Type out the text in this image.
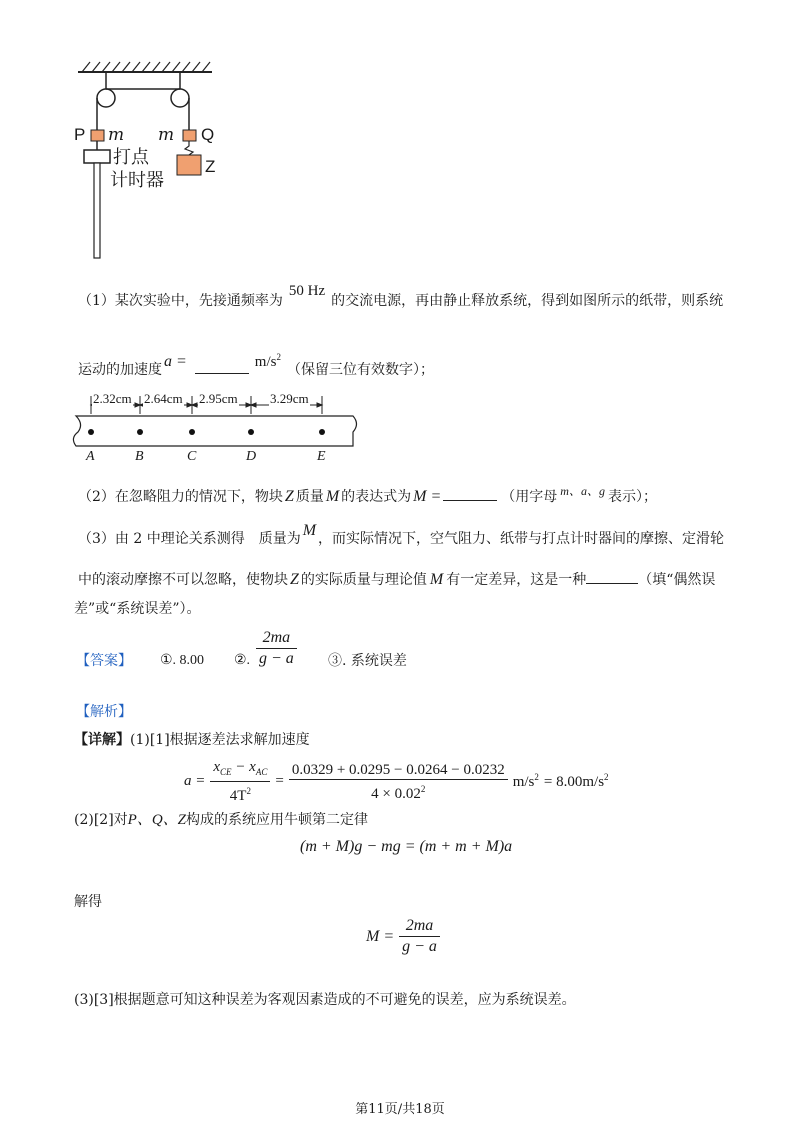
P m m Q
Z
打点
计时器
（1）某次实验中，先接通频率为50 Hz的交流电源，再由静止释放系统，得到如图所示的纸带，则系统
运动的加速度 a =	$m/s^2$（保留三位有效数字）；
2.32cm 2.64cm 2.95cm 3.29cm
A	B	C	D	E
（2）在忽略阻力的情况下，物块 Z 质量 M 的表达式为 M =	（用字母 m、a、g 表示）；
（3）由 2 中理论关系测得　质量为 M ，而实际情况下，空气阻力、纸带与打点计时器间的摩擦、定滑轮
中的滚动摩擦不可以忽略，使物块 Z 的实际质量与理论值 M 有一定差异，这是一种	（填“偶然误
差”或“系统误差”）。
【答案】 ①. 8.00 ②. $\frac{2ma}{g - a}$ ③. 系统误差
【解析】
【详解】(1)[1]根据逐差法求解加速度
$a = \frac{x_{CE} - x_{AC}}{4T^2} = \frac{0.0329 + 0.0295 - 0.0264 - 0.0232}{4 \times 0.02^2} m/s^2 = 8.00m/s^2$
(2)[2]对P、Q、Z构成的系统应用牛顿第二定律
(m + M)g − mg = (m + m + M)a
解得
$M = \frac{2ma}{g - a}$
(3)[3]根据题意可知这种误差为客观因素造成的不可避免的误差，应为系统误差。
第11页/共18页
